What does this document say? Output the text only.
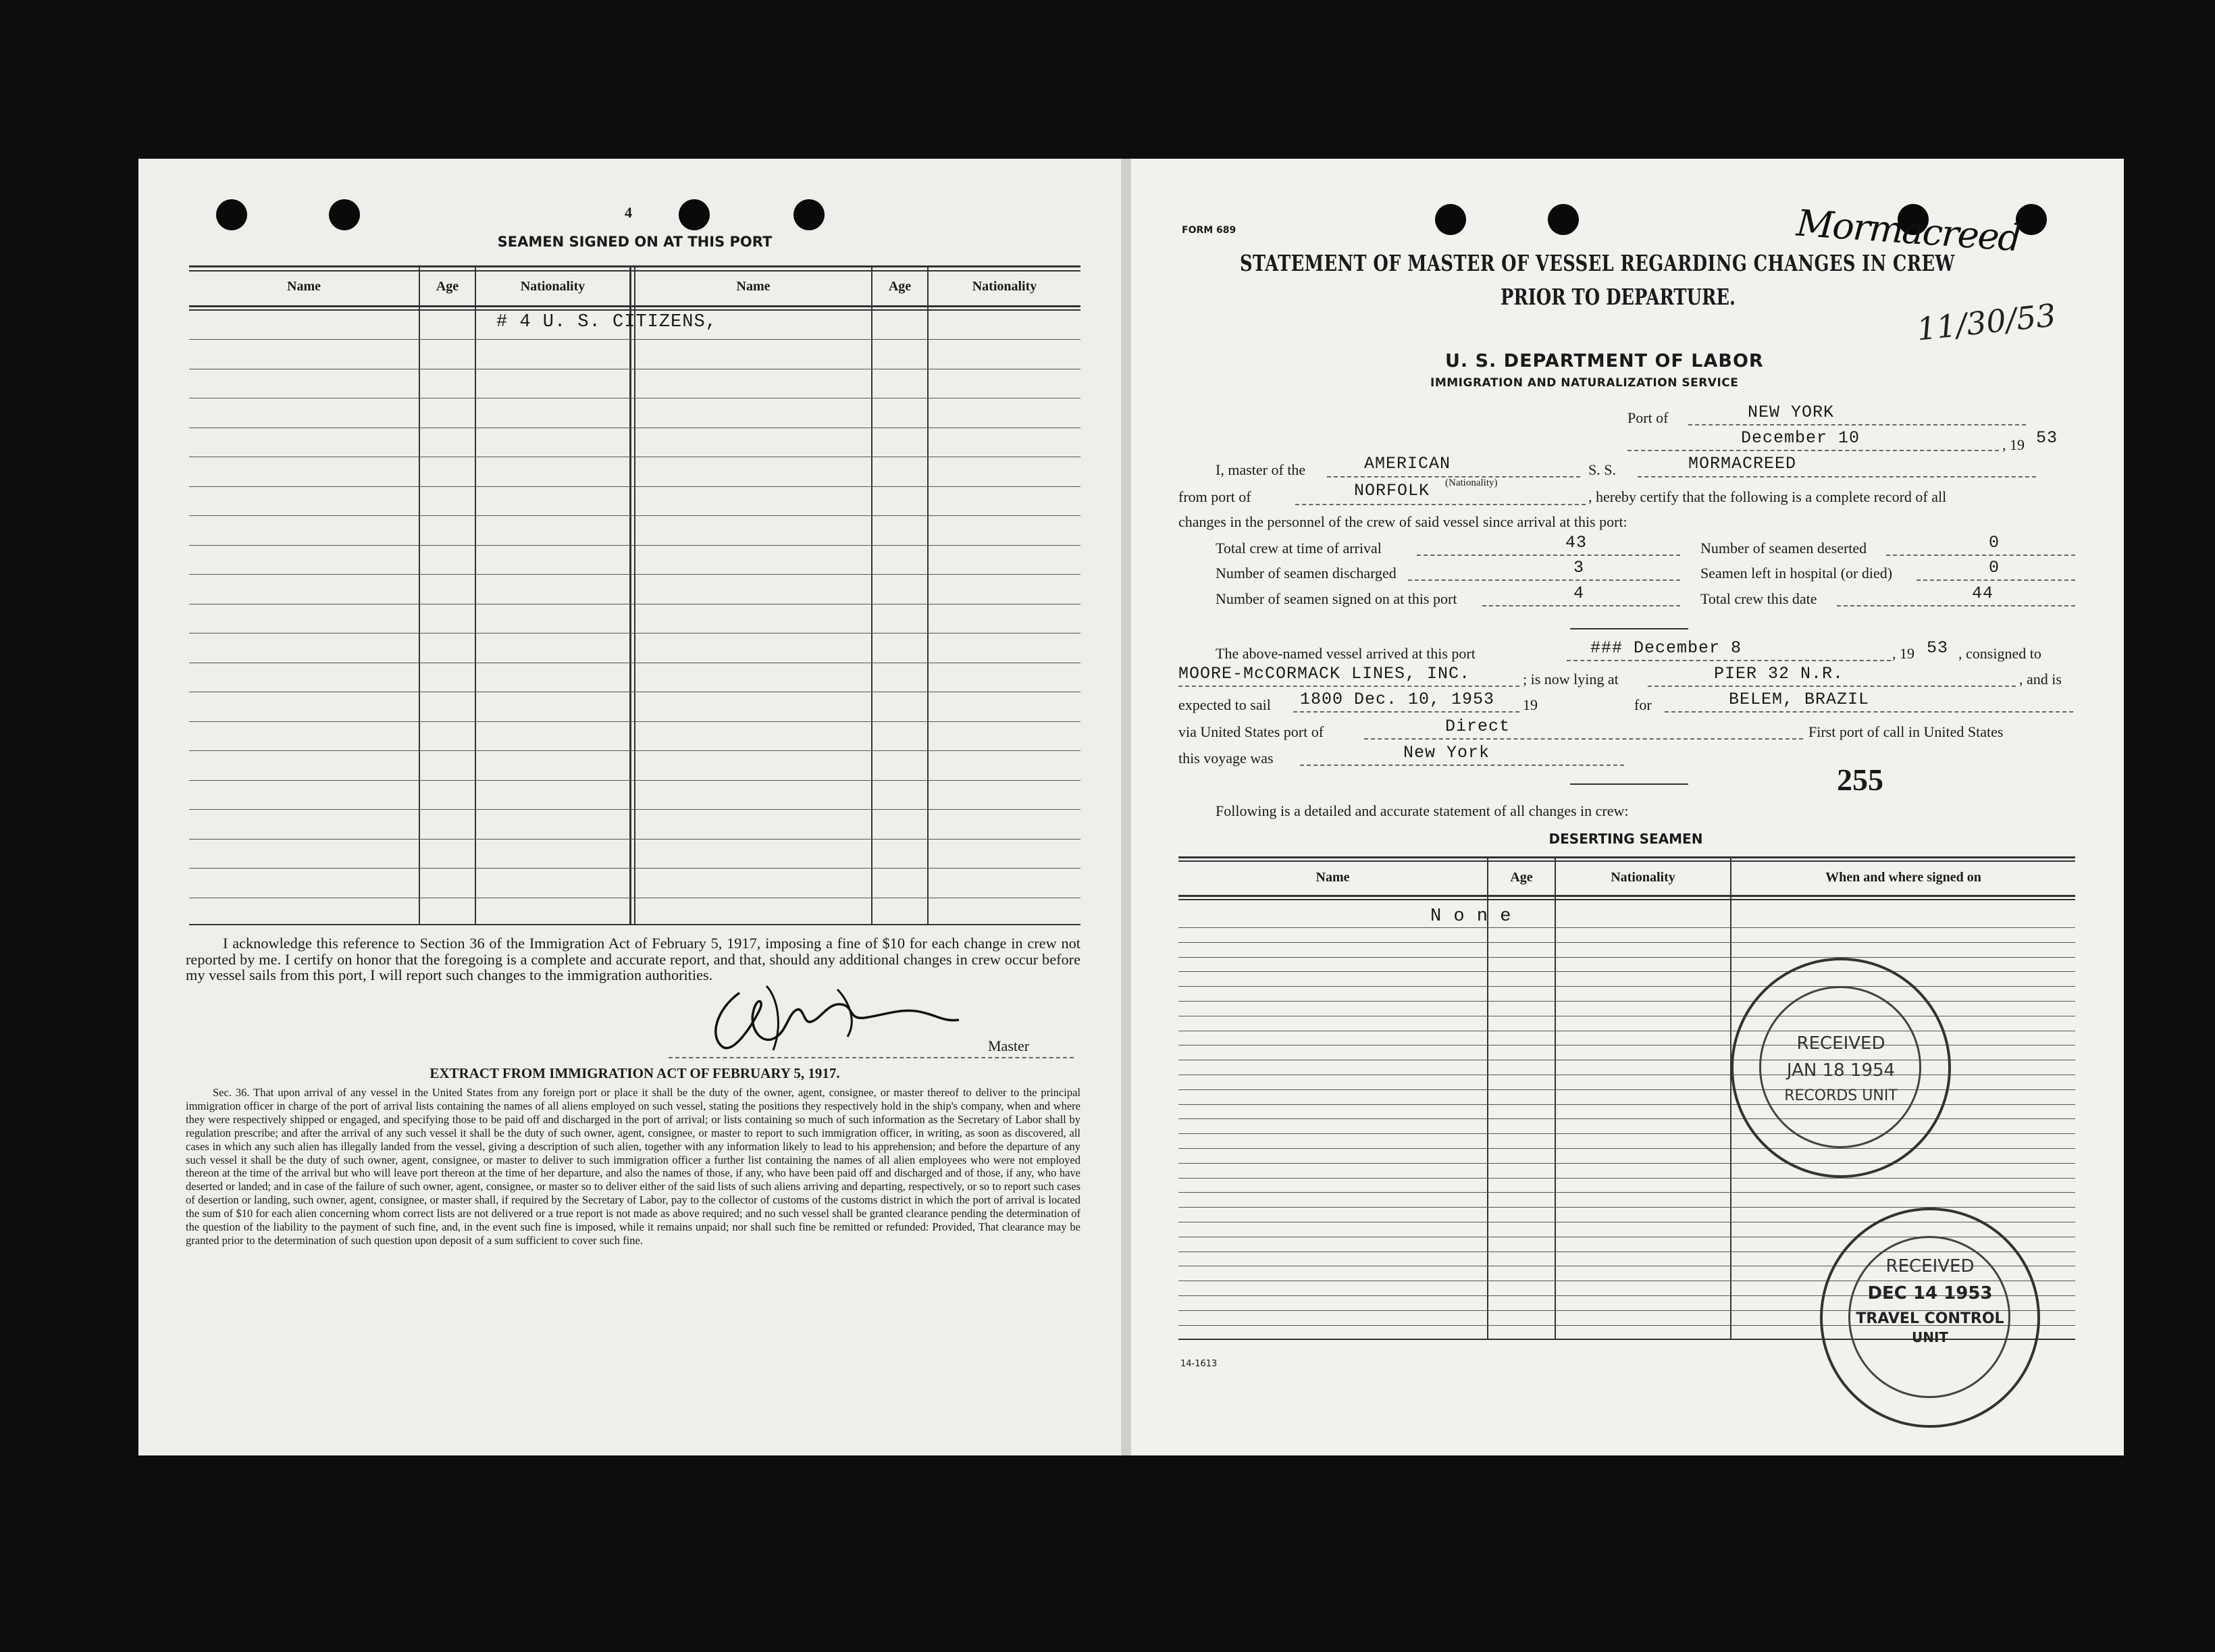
4
SEAMEN SIGNED ON AT THIS PORT
Name	Age	Nationality	Name	Age	Nationality
# 4 U. S. CITIZENS,
I acknowledge this reference to Section 36 of the Immigration Act of February 5, 1917, imposing a fine of $10 for each change in crew not reported by me. I certify on honor that the foregoing is a complete and accurate report, and that, should any additional changes in crew occur before my vessel sails from this port, I will report such changes to the immigration authorities.
Master
EXTRACT FROM IMMIGRATION ACT OF FEBRUARY 5, 1917.
Sec. 36. That upon arrival of any vessel in the United States from any foreign port or place it shall be the duty of the owner, agent, consignee, or master thereof to deliver to the principal immigration officer in charge of the port of arrival lists containing the names of all aliens employed on such vessel, stating the positions they respectively hold in the ship's company, when and where they were respectively shipped or engaged, and specifying those to be paid off and discharged in the port of arrival; or lists containing so much of such information as the Secretary of Labor shall by regulation prescribe; and after the arrival of any such vessel it shall be the duty of such owner, agent, consignee, or master to report to such immigration officer, in writing, as soon as discovered, all cases in which any such alien has illegally landed from the vessel, giving a description of such alien, together with any information likely to lead to his apprehension; and before the departure of any such vessel it shall be the duty of such owner, agent, consignee, or master to deliver to such immigration officer a further list containing the names of all alien employees who were not employed thereon at the time of the arrival but who will leave port thereon at the time of her departure, and also the names of those, if any, who have been paid off and discharged and of those, if any, who have deserted or landed; and in case of the failure of such owner, agent, consignee, or master so to deliver either of the said lists of such aliens arriving and departing, respectively, or so to report such cases of desertion or landing, such owner, agent, consignee, or master shall, if required by the Secretary of Labor, pay to the collector of customs of the customs district in which the port of arrival is located the sum of $10 for each alien concerning whom correct lists are not delivered or a true report is not made as above required; and no such vessel shall be granted clearance pending the determination of the question of the liability to the payment of such fine, and, in the event such fine is imposed, while it remains unpaid; nor shall such fine be remitted or refunded: Provided, That clearance may be granted prior to the determination of such question upon deposit of a sum sufficient to cover such fine.
FORM 689	Mormacreed
11/30/53
STATEMENT OF MASTER OF VESSEL REGARDING CHANGES IN CREW
PRIOR TO DEPARTURE.
U. S. DEPARTMENT OF LABOR
IMMIGRATION AND NATURALIZATION SERVICE
Port of	NEW YORK
December 10	, 19 53
I, master of the	AMERICAN	S. S.	MORMACREED
(Nationality)
from port of	NORFOLK	, hereby certify that the following is a complete record of all
changes in the personnel of the crew of said vessel since arrival at this port:
Total crew at time of arrival	43	Number of seamen deserted	0
Number of seamen discharged	3	Seamen left in hospital (or died)	0
Number of seamen signed on at this port	4	Total crew this date	44
The above-named vessel arrived at this port	### December 8	, 19 53 , consigned to
MOORE-McCORMACK LINES, INC.	; is now lying at	PIER 32 N.R.	, and is
expected to sail 1800 Dec. 10, 1953 19	for	BELEM, BRAZIL
via United States port of	Direct	First port of call in United States
this voyage was	New York
255
Following is a detailed and accurate statement of all changes in crew:
DESERTING SEAMEN
Name	Age	Nationality	When and where signed on
N o n e
RECEIVED
JAN 18 1954
RECORDS UNIT
RECEIVED
DEC 14 1953
TRAVEL CONTROL
UNIT
14-1613
